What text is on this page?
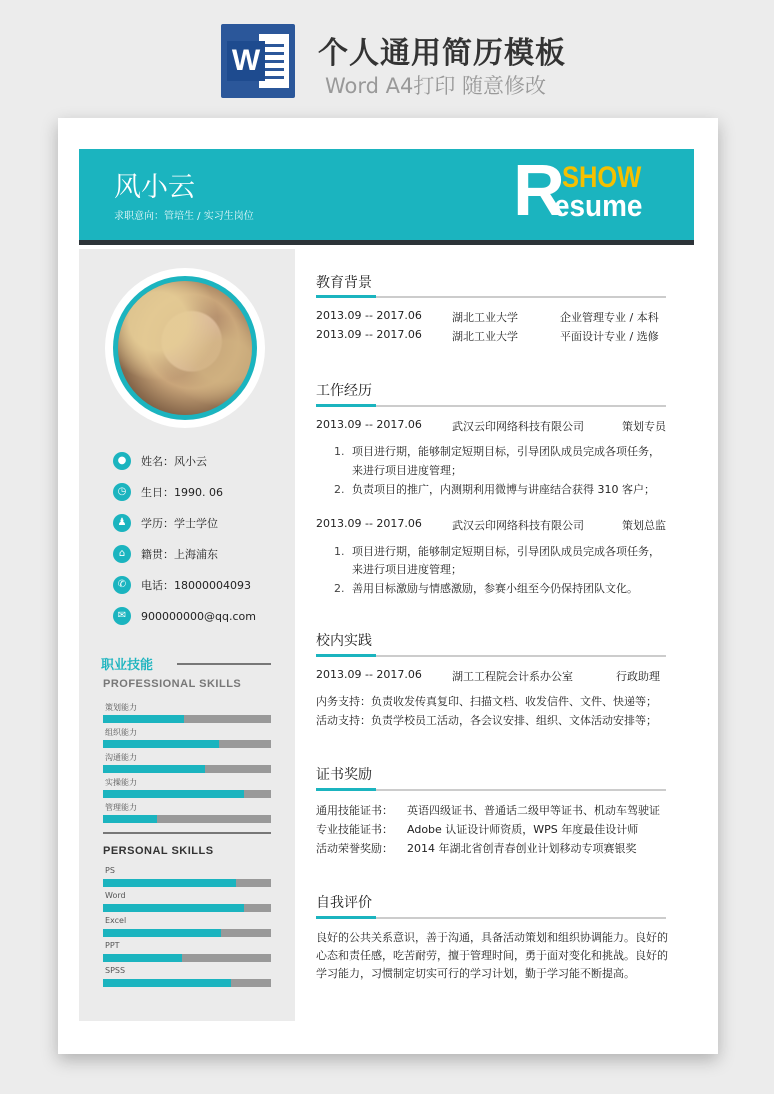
W 个人通用简历模板
Word A4打印 随意修改
风小云
求职意向：管培生 / 实习生岗位	R
SHOW
esume
●	姓名：风小云
◷	生日：1990. 06
♟	学历：学士学位
⌂	籍贯：上海浦东
✆	电话：18000004093
✉	900000000@qq.com
职业技能
PROFESSIONAL SKILLS
策划能力
组织能力
沟通能力
实操能力
管理能力
PERSONAL SKILLS
PS
Word
Excel
PPT
SPSS
教育背景
2013.09 -- 2017.06	湖北工业大学	企业管理专业 / 本科
2013.09 -- 2017.06	湖北工业大学	平面设计专业 / 选修
工作经历
2013.09 -- 2017.06	武汉云印网络科技有限公司	策划专员
1. 项目进行期，能够制定短期目标，引导团队成员完成各项任务，
来进行项目进度管理；
2. 负责项目的推广，内测期利用微博与讲座结合获得 310 客户；
2013.09 -- 2017.06	武汉云印网络科技有限公司	策划总监
1. 项目进行期，能够制定短期目标，引导团队成员完成各项任务，
来进行项目进度管理；
2. 善用目标激励与情感激励，参赛小组至今仍保持团队文化。
校内实践
2013.09 -- 2017.06	湖工工程院会计系办公室	行政助理
内务支持：负责收发传真复印、扫描文档、收发信件、文件、快递等；
活动支持：负责学校员工活动，各会议安排、组织、文体活动安排等；
证书奖励
通用技能证书： 英语四级证书、普通话二级甲等证书、机动车驾驶证
专业技能证书： Adobe 认证设计师资质，WPS 年度最佳设计师
活动荣誉奖励： 2014 年湖北省创青春创业计划移动专项赛银奖
自我评价
良好的公共关系意识，善于沟通，具备活动策划和组织协调能力。良好的心态和责任感，吃苦耐劳，擅于管理时间，勇于面对变化和挑战。良好的学习能力，习惯制定切实可行的学习计划，勤于学习能不断提高。
